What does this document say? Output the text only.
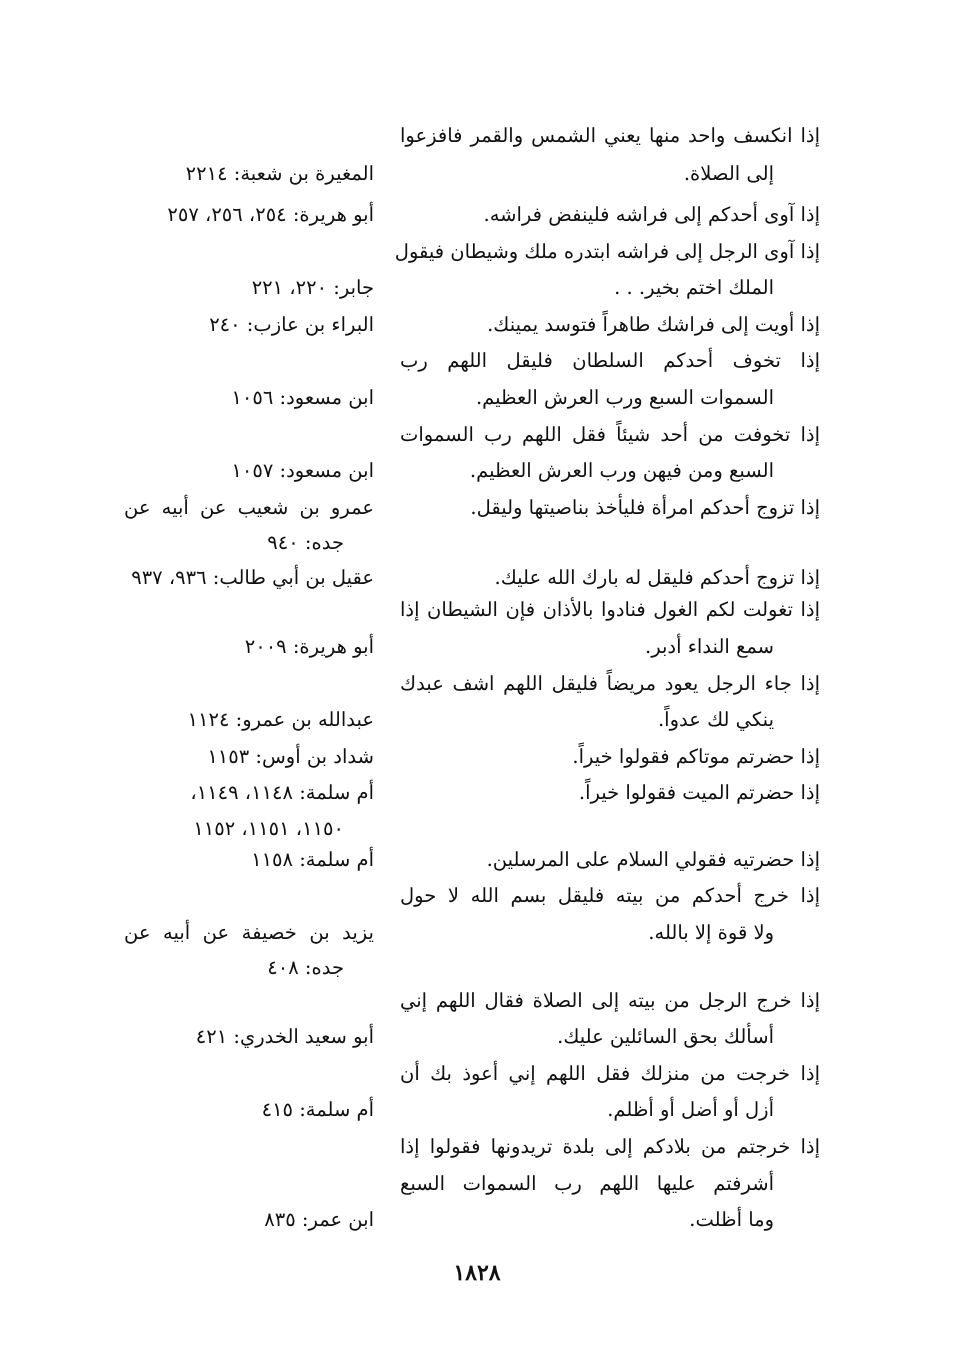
إذا انكسف واحد منها يعني الشمس والقمر فافزعوا
إلى الصلاة.
إذا آوى أحدكم إلى فراشه فلينفض فراشه.
إذا آوى الرجل إلى فراشه ابتدره ملك وشيطان فيقول
الملك اختم بخير. . .
إذا أويت إلى فراشك طاهراً فتوسد يمينك.
إذا تخوف أحدكم السلطان فليقل اللهم رب
السموات السبع ورب العرش العظيم.
إذا تخوفت من أحد شيئاً فقل اللهم رب السموات
السبع ومن فيهن ورب العرش العظيم.
إذا تزوج أحدكم امرأة فليأخذ بناصيتها وليقل.
إذا تزوج أحدكم فليقل له بارك الله عليك.
إذا تغولت لكم الغول فنادوا بالأذان فإن الشيطان إذا
سمع النداء أدبر.
إذا جاء الرجل يعود مريضاً فليقل اللهم اشف عبدك
ينكي لك عدواً.
إذا حضرتم موتاكم فقولوا خيراً.
إذا حضرتم الميت فقولوا خيراً.
إذا حضرتيه فقولي السلام على المرسلين.
إذا خرج أحدكم من بيته فليقل بسم الله لا حول
ولا قوة إلا بالله.
إذا خرج الرجل من بيته إلى الصلاة فقال اللهم إني
أسألك بحق السائلين عليك.
إذا خرجت من منزلك فقل اللهم إني أعوذ بك أن
أزل أو أضل أو أظلم.
إذا خرجتم من بلادكم إلى بلدة تريدونها فقولوا إذا
أشرفتم عليها اللهم رب السموات السبع
وما أظلت.
المغيرة بن شعبة: ٢٢١٤
أبو هريرة: ٢٥٤، ٢٥٦، ٢٥٧
جابر: ٢٢٠، ٢٢١
البراء بن عازب: ٢٤٠
ابن مسعود: ١٠٥٦
ابن مسعود: ١٠٥٧
عمرو بن شعيب عن أبيه عن
جده: ٩٤٠
عقيل بن أبي طالب: ٩٣٦، ٩٣٧
أبو هريرة: ٢٠٠٩
عبدالله بن عمرو: ١١٢٤
شداد بن أوس: ١١٥٣
أم سلمة: ١١٤٨، ١١٤٩،
١١٥٠، ١١٥١، ١١٥٢
أم سلمة: ١١٥٨
يزيد بن خصيفة عن أبيه عن
جده: ٤٠٨
أبو سعيد الخدري: ٤٢١
أم سلمة: ٤١٥
ابن عمر: ٨٣٥
١٨٢٨
